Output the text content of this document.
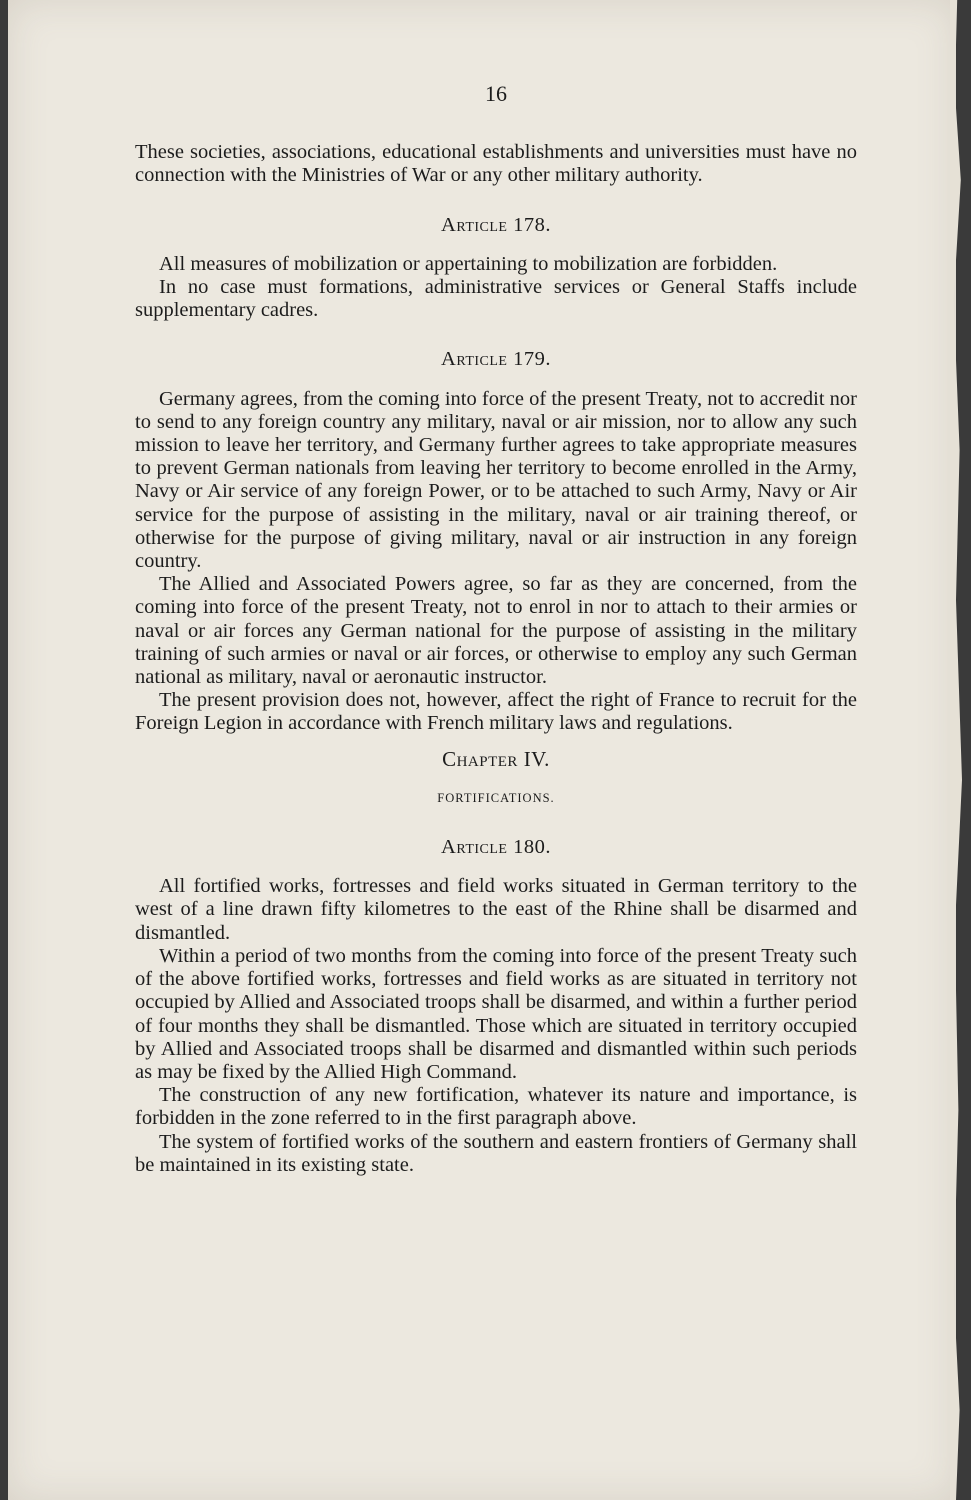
16

These societies, associations, educational establishments and universities must have no connection with the Ministries of War or any other military authority.

Article 178.

All measures of mobilization or appertaining to mobilization are forbidden.

In no case must formations, administrative services or General Staffs include supplementary cadres.

Article 179.

Germany agrees, from the coming into force of the present Treaty, not to accredit nor to send to any foreign country any military, naval or air mission, nor to allow any such mission to leave her territory, and Germany further agrees to take appropriate measures to prevent German nationals from leaving her territory to become enrolled in the Army, Navy or Air service of any foreign Power, or to be attached to such Army, Navy or Air service for the purpose of assisting in the military, naval or air training thereof, or otherwise for the purpose of giving military, naval or air instruction in any foreign country.

The Allied and Associated Powers agree, so far as they are concerned, from the coming into force of the present Treaty, not to enrol in nor to attach to their armies or naval or air forces any German national for the purpose of assisting in the military training of such armies or naval or air forces, or otherwise to employ any such German national as military, naval or aeronautic instructor.

The present provision does not, however, affect the right of France to recruit for the Foreign Legion in accordance with French military laws and regulations.

Chapter IV.
FORTIFICATIONS.
Article 180.

All fortified works, fortresses and field works situated in German territory to the west of a line drawn fifty kilometres to the east of the Rhine shall be disarmed and dismantled.

Within a period of two months from the coming into force of the present Treaty such of the above fortified works, fortresses and field works as are situated in territory not occupied by Allied and Associated troops shall be disarmed, and within a further period of four months they shall be dismantled. Those which are situated in territory occupied by Allied and Associated troops shall be disarmed and dismantled within such periods as may be fixed by the Allied High Command.

The construction of any new fortification, whatever its nature and importance, is forbidden in the zone referred to in the first paragraph above.

The system of fortified works of the southern and eastern frontiers of Germany shall be maintained in its existing state.
